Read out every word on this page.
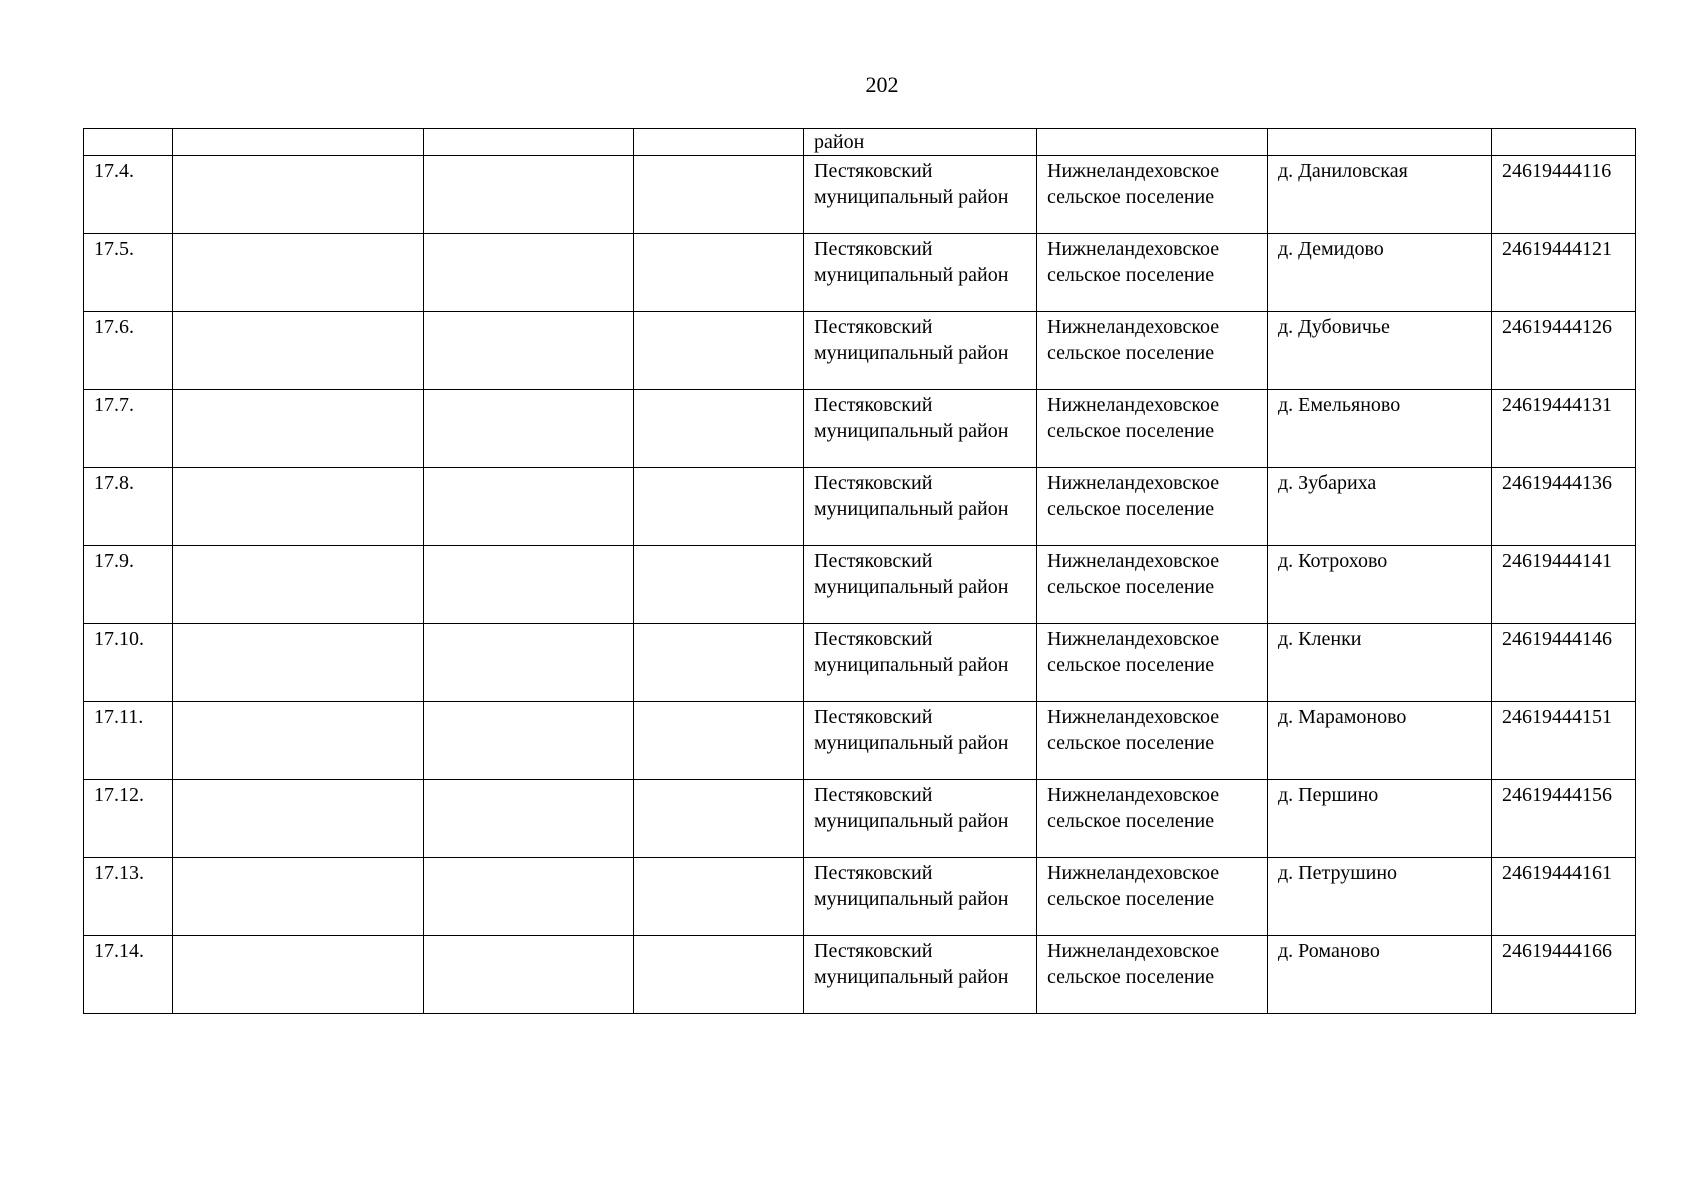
202
				район			
17.4.				Пестяковский муниципальный район	Нижнеландеховское сельское поселение	д. Даниловская	24619444116
17.5.				Пестяковский муниципальный район	Нижнеландеховское сельское поселение	д. Демидово	24619444121
17.6.				Пестяковский муниципальный район	Нижнеландеховское сельское поселение	д. Дубовичье	24619444126
17.7.				Пестяковский муниципальный район	Нижнеландеховское сельское поселение	д. Емельяново	24619444131
17.8.				Пестяковский муниципальный район	Нижнеландеховское сельское поселение	д. Зубариха	24619444136
17.9.				Пестяковский муниципальный район	Нижнеландеховское сельское поселение	д. Котрохово	24619444141
17.10.				Пестяковский муниципальный район	Нижнеландеховское сельское поселение	д. Кленки	24619444146
17.11.				Пестяковский муниципальный район	Нижнеландеховское сельское поселение	д. Марамоново	24619444151
17.12.				Пестяковский муниципальный район	Нижнеландеховское сельское поселение	д. Першино	24619444156
17.13.				Пестяковский муниципальный район	Нижнеландеховское сельское поселение	д. Петрушино	24619444161
17.14.				Пестяковский муниципальный район	Нижнеландеховское сельское поселение	д. Романово	24619444166
